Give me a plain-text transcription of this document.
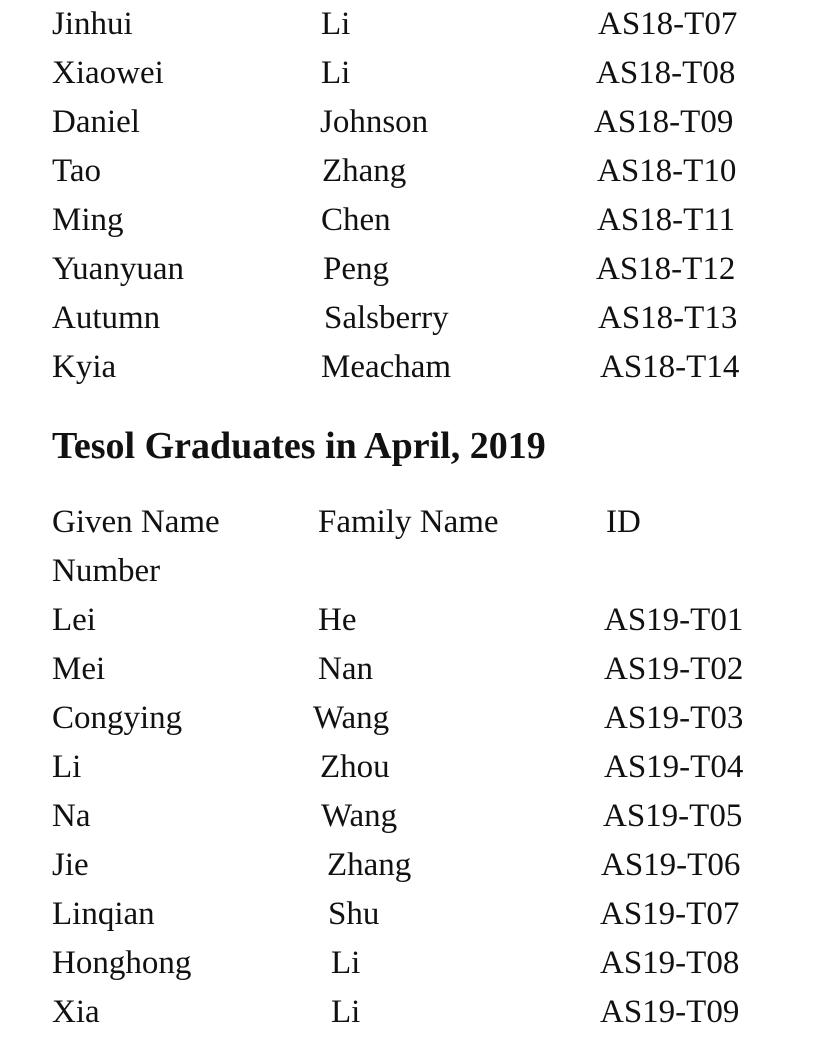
Jinhui	Li	AS18-T07
Xiaowei	Li	AS18-T08
Daniel	Johnson	AS18-T09
Tao	Zhang	AS18-T10
Ming	Chen	AS18-T11
Yuanyuan	Peng	AS18-T12
Autumn	Salsberry	AS18-T13
Kyia	Meacham	AS18-T14
Tesol Graduates in April, 2019
Given Name	Family Name	ID
Number
Lei	He	AS19-T01
Mei	Nan	AS19-T02
Congying	Wang	AS19-T03
Li	Zhou	AS19-T04
Na	Wang	AS19-T05
Jie	Zhang	AS19-T06
Linqian	Shu	AS19-T07
Honghong	Li	AS19-T08
Xia	Li	AS19-T09
